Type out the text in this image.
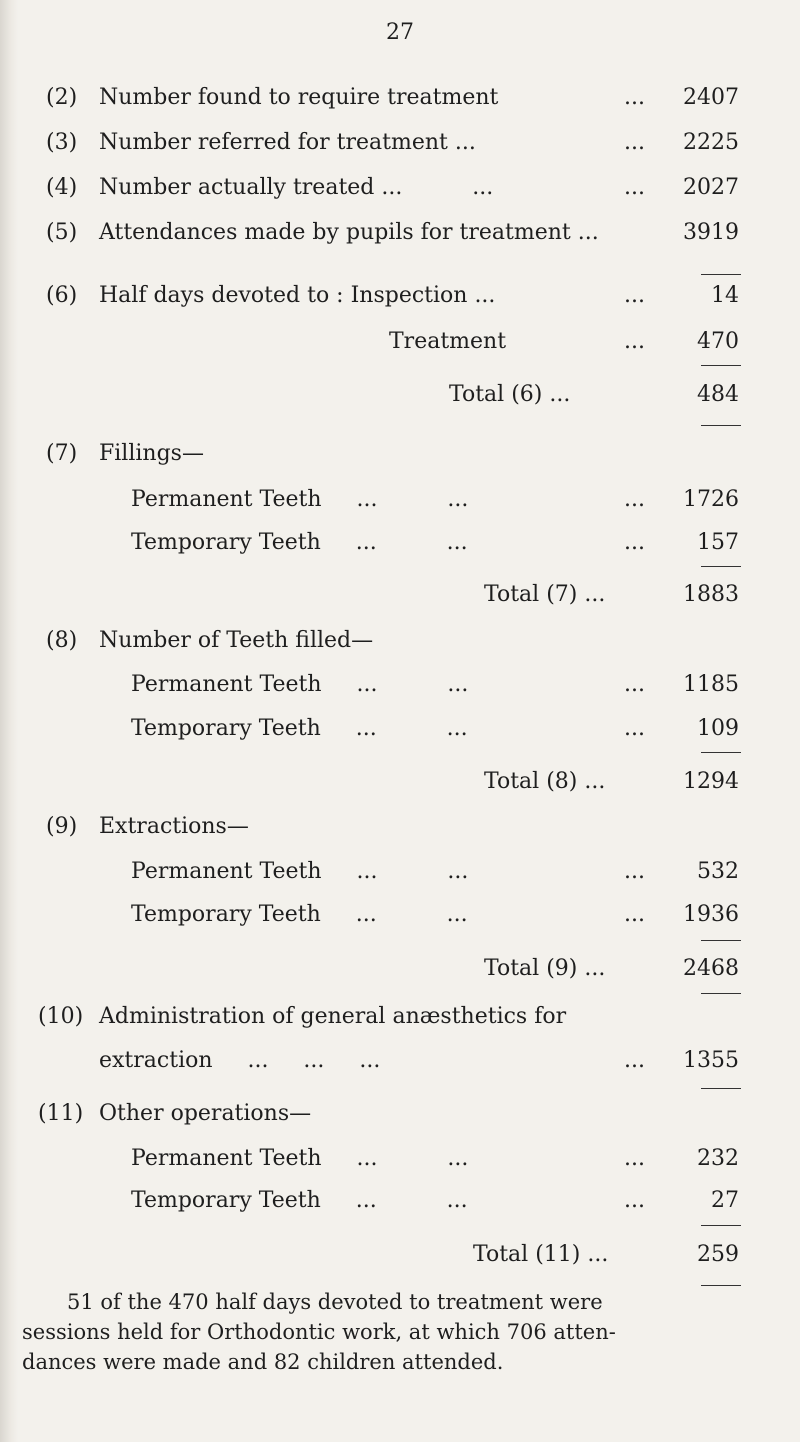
27
(2) Number found to require treatment	...	2407
(3) Number referred for treatment ...	...	2225
(4) Number actually treated ...          ...	...	2027
(5) Attendances made by pupils for treatment ...	3919
(6) Half days devoted to : Inspection ...	...	14
Treatment	...	470
Total (6) ...	484
(7) Fillings—
Permanent Teeth     ...          ...	...	1726
Temporary Teeth     ...          ...	...	157
Total (7) ...	1883
(8) Number of Teeth filled—
Permanent Teeth     ...          ...	...	1185
Temporary Teeth     ...          ...	...	109
Total (8) ...	1294
(9) Extractions—
Permanent Teeth     ...          ...	...	532
Temporary Teeth     ...          ...	...	1936
Total (9) ...	2468
(10) Administration of general anæsthetics for
extraction     ...     ...     ...	...	1355
(11) Other operations—
Permanent Teeth     ...          ...	...	232
Temporary Teeth     ...          ...	...	27
Total (11) ...	259
51 of the 470 half days devoted to treatment were
sessions held for Orthodontic work, at which 706 atten-
dances were made and 82 children attended.
